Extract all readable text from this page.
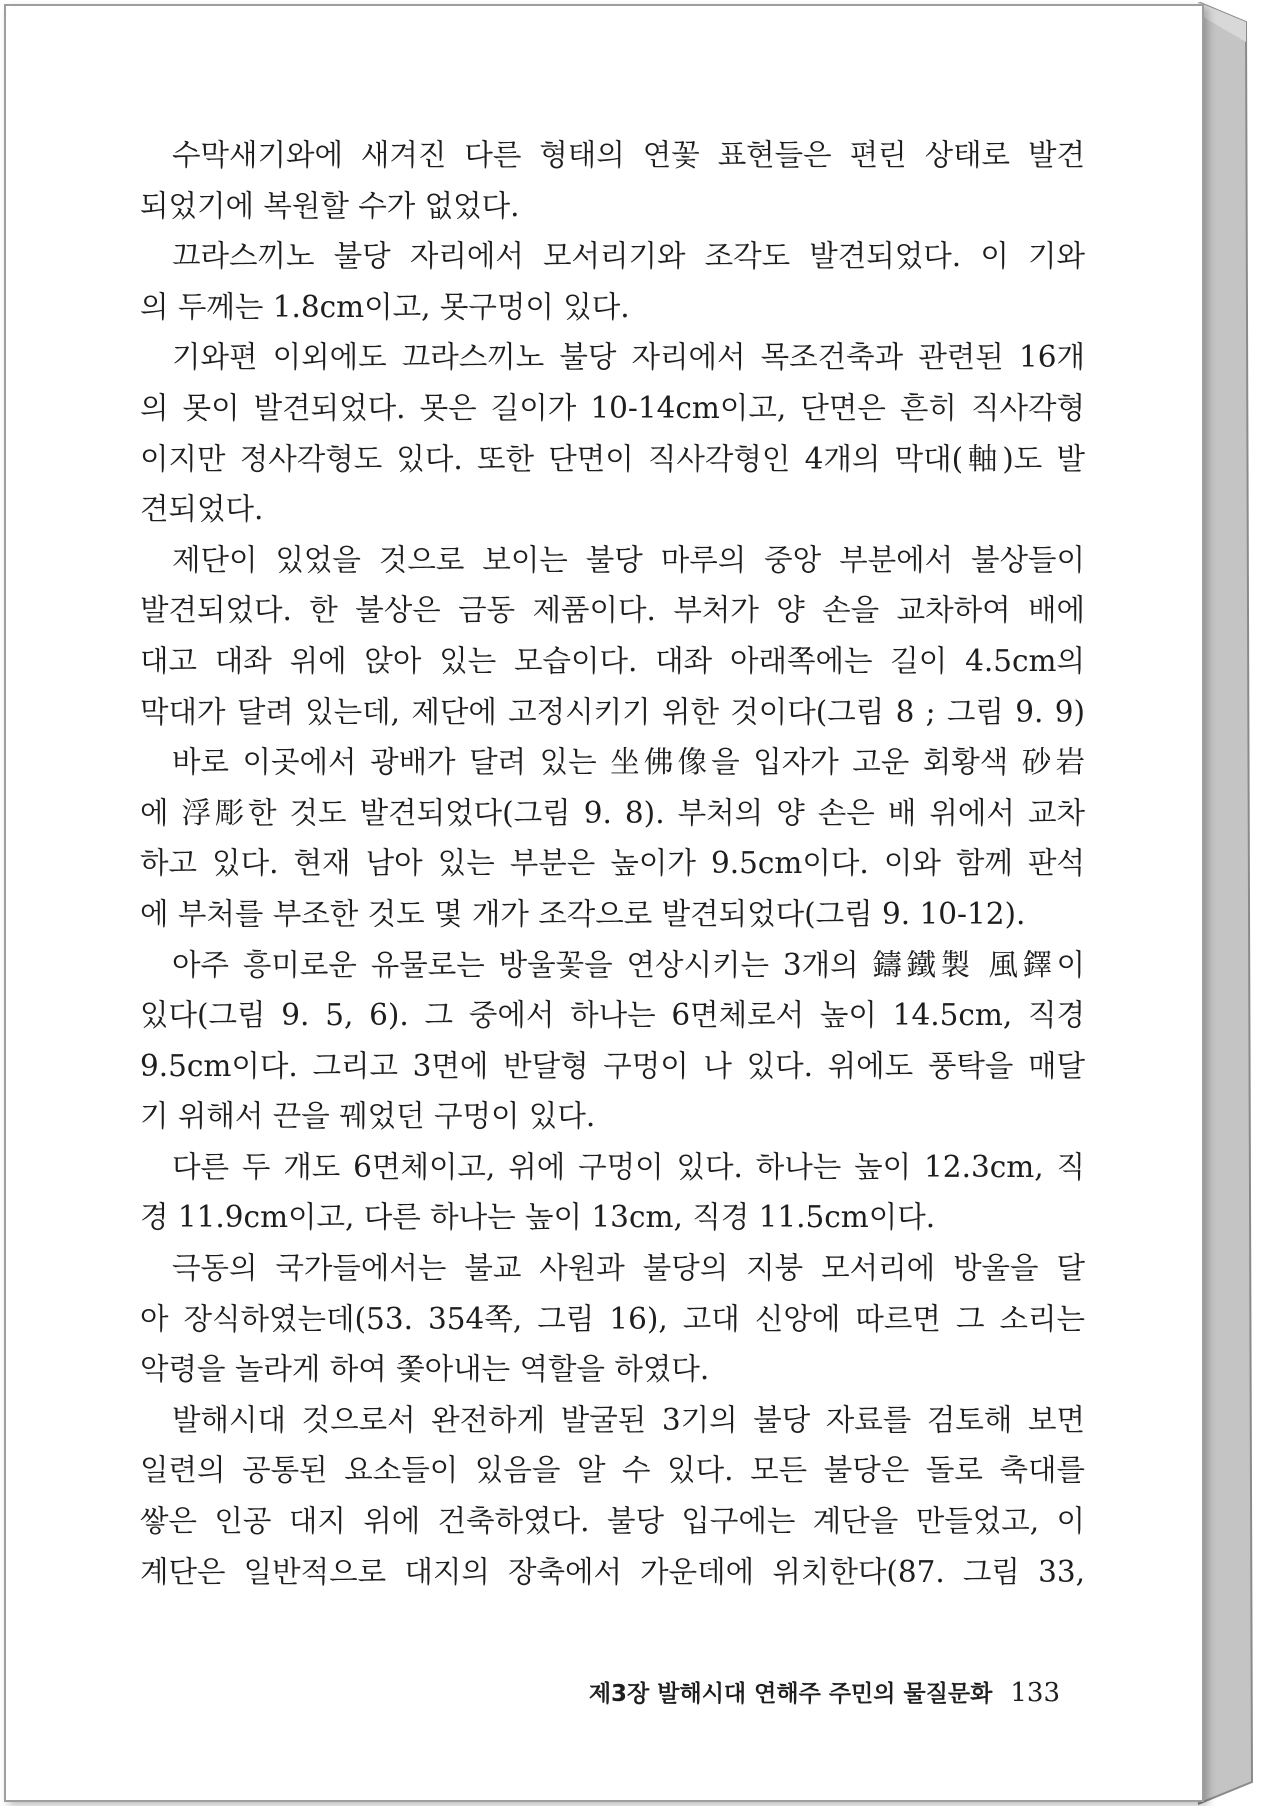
수막새기와에 새겨진 다른 형태의 연꽃 표현들은 편린 상태로 발견
되었기에 복원할 수가 없었다.
끄라스끼노 불당 자리에서 모서리기와 조각도 발견되었다. 이 기와
의 두께는 1.8cm이고, 못구멍이 있다.
기와편 이외에도 끄라스끼노 불당 자리에서 목조건축과 관련된 16개
의 못이 발견되었다. 못은 길이가 10-14cm이고, 단면은 흔히 직사각형
이지만 정사각형도 있다. 또한 단면이 직사각형인 4개의 막대(軸)도 발
견되었다.
제단이 있었을 것으로 보이는 불당 마루의 중앙 부분에서 불상들이
발견되었다. 한 불상은 금동 제품이다. 부처가 양 손을 교차하여 배에
대고 대좌 위에 앉아 있는 모습이다. 대좌 아래쪽에는 길이 4.5cm의
막대가 달려 있는데, 제단에 고정시키기 위한 것이다(그림 8 ; 그림 9. 9)
바로 이곳에서 광배가 달려 있는 坐佛像을 입자가 고운 회황색 砂岩
에 浮彫한 것도 발견되었다(그림 9. 8). 부처의 양 손은 배 위에서 교차
하고 있다. 현재 남아 있는 부분은 높이가 9.5cm이다. 이와 함께 판석
에 부처를 부조한 것도 몇 개가 조각으로 발견되었다(그림 9. 10-12).
아주 흥미로운 유물로는 방울꽃을 연상시키는 3개의 鑄鐵製 風鐸이
있다(그림 9. 5, 6). 그 중에서 하나는 6면체로서 높이 14.5cm, 직경
9.5cm이다. 그리고 3면에 반달형 구멍이 나 있다. 위에도 풍탁을 매달
기 위해서 끈을 꿰었던 구멍이 있다.
다른 두 개도 6면체이고, 위에 구멍이 있다. 하나는 높이 12.3cm, 직
경 11.9cm이고, 다른 하나는 높이 13cm, 직경 11.5cm이다.
극동의 국가들에서는 불교 사원과 불당의 지붕 모서리에 방울을 달
아 장식하였는데(53. 354쪽, 그림 16), 고대 신앙에 따르면 그 소리는
악령을 놀라게 하여 쫓아내는 역할을 하였다.
발해시대 것으로서 완전하게 발굴된 3기의 불당 자료를 검토해 보면
일련의 공통된 요소들이 있음을 알 수 있다. 모든 불당은 돌로 축대를
쌓은 인공 대지 위에 건축하였다. 불당 입구에는 계단을 만들었고, 이
계단은 일반적으로 대지의 장축에서 가운데에 위치한다(87. 그림 33,
제3장 발해시대 연해주 주민의 물질문화 133
